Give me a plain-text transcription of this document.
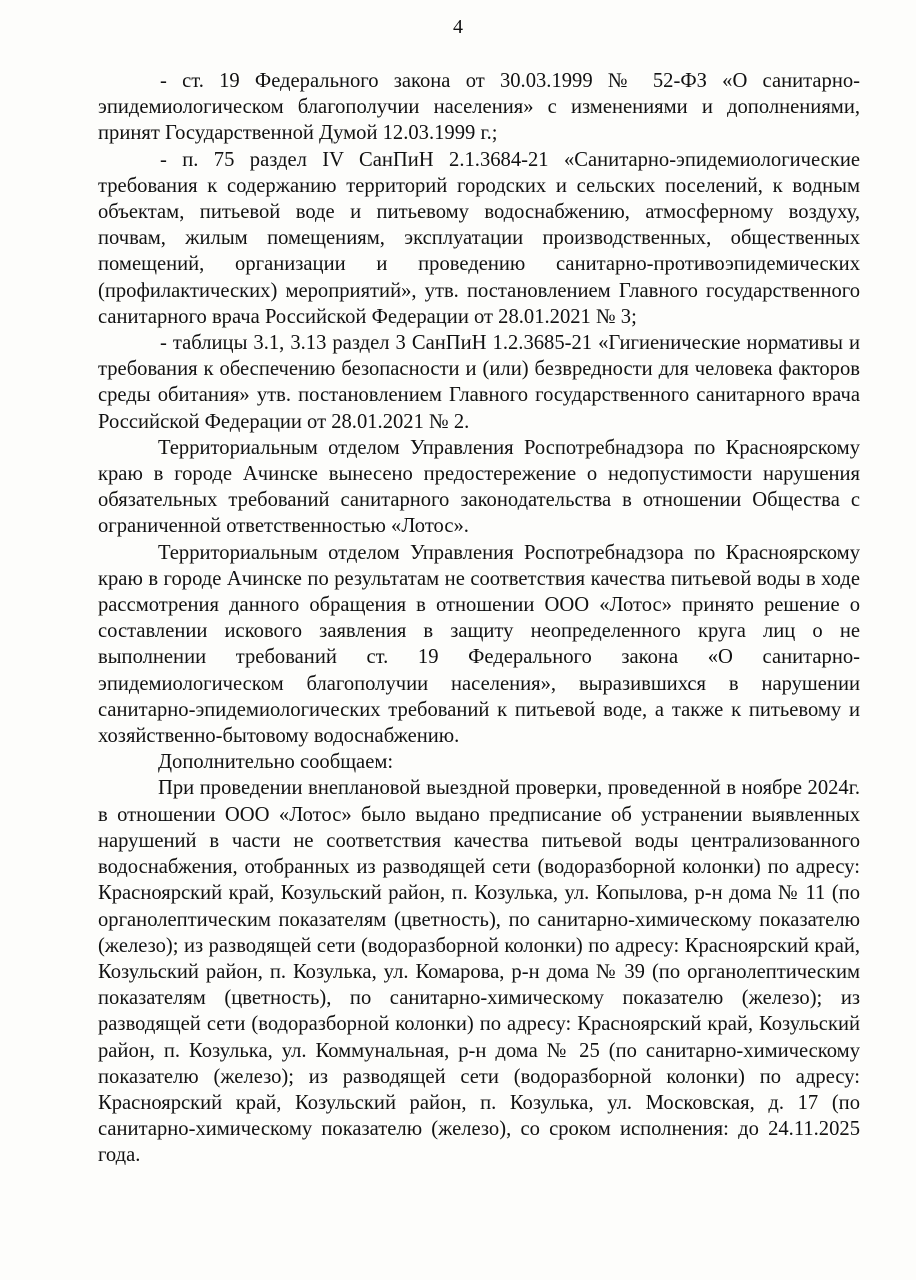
4

- ст. 19 Федерального закона от 30.03.1999 № 52-ФЗ «О санитарно-эпидемиологическом благополучии населения» с изменениями и дополнениями, принят Государственной Думой 12.03.1999 г.;

- п. 75 раздел IV СанПиН 2.1.3684-21 «Санитарно-эпидемиологические требования к содержанию территорий городских и сельских поселений, к водным объектам, питьевой воде и питьевому водоснабжению, атмосферному воздуху, почвам, жилым помещениям, эксплуатации производственных, общественных помещений, организации и проведению санитарно-противоэпидемических (профилактических) мероприятий», утв. постановлением Главного государственного санитарного врача Российской Федерации от 28.01.2021 № 3;

- таблицы 3.1, 3.13 раздел 3 СанПиН 1.2.3685-21 «Гигиенические нормативы и требования к обеспечению безопасности и (или) безвредности для человека факторов среды обитания» утв. постановлением Главного государственного санитарного врача Российской Федерации от 28.01.2021 № 2.

Территориальным отделом Управления Роспотребнадзора по Красноярскому краю в городе Ачинске вынесено предостережение о недопустимости нарушения обязательных требований санитарного законодательства в отношении Общества с ограниченной ответственностью «Лотос».

Территориальным отделом Управления Роспотребнадзора по Красноярскому краю в городе Ачинске по результатам не соответствия качества питьевой воды в ходе рассмотрения данного обращения в отношении ООО «Лотос» принято решение о составлении искового заявления в защиту неопределенного круга лиц о не выполнении требований ст. 19 Федерального закона «О санитарно-эпидемиологическом благополучии населения», выразившихся в нарушении санитарно-эпидемиологических требований к питьевой воде, а также к питьевому и хозяйственно-бытовому водоснабжению.

Дополнительно сообщаем:

При проведении внеплановой выездной проверки, проведенной в ноябре 2024г. в отношении ООО «Лотос» было выдано предписание об устранении выявленных нарушений в части не соответствия качества питьевой воды централизованного водоснабжения, отобранных из разводящей сети (водоразборной колонки) по адресу: Красноярский край, Козульский район, п. Козулька, ул. Копылова, р-н дома № 11 (по органолептическим показателям (цветность), по санитарно-химическому показателю (железо); из разводящей сети (водоразборной колонки) по адресу: Красноярский край, Козульский район, п. Козулька, ул. Комарова, р-н дома № 39 (по органолептическим показателям (цветность), по санитарно-химическому показателю (железо); из разводящей сети (водоразборной колонки) по адресу: Красноярский край, Козульский район, п. Козулька, ул. Коммунальная, р-н дома № 25 (по санитарно-химическому показателю (железо); из разводящей сети (водоразборной колонки) по адресу: Красноярский край, Козульский район, п. Козулька, ул. Московская, д. 17 (по санитарно-химическому показателю (железо), со сроком исполнения: до 24.11.2025 года.
